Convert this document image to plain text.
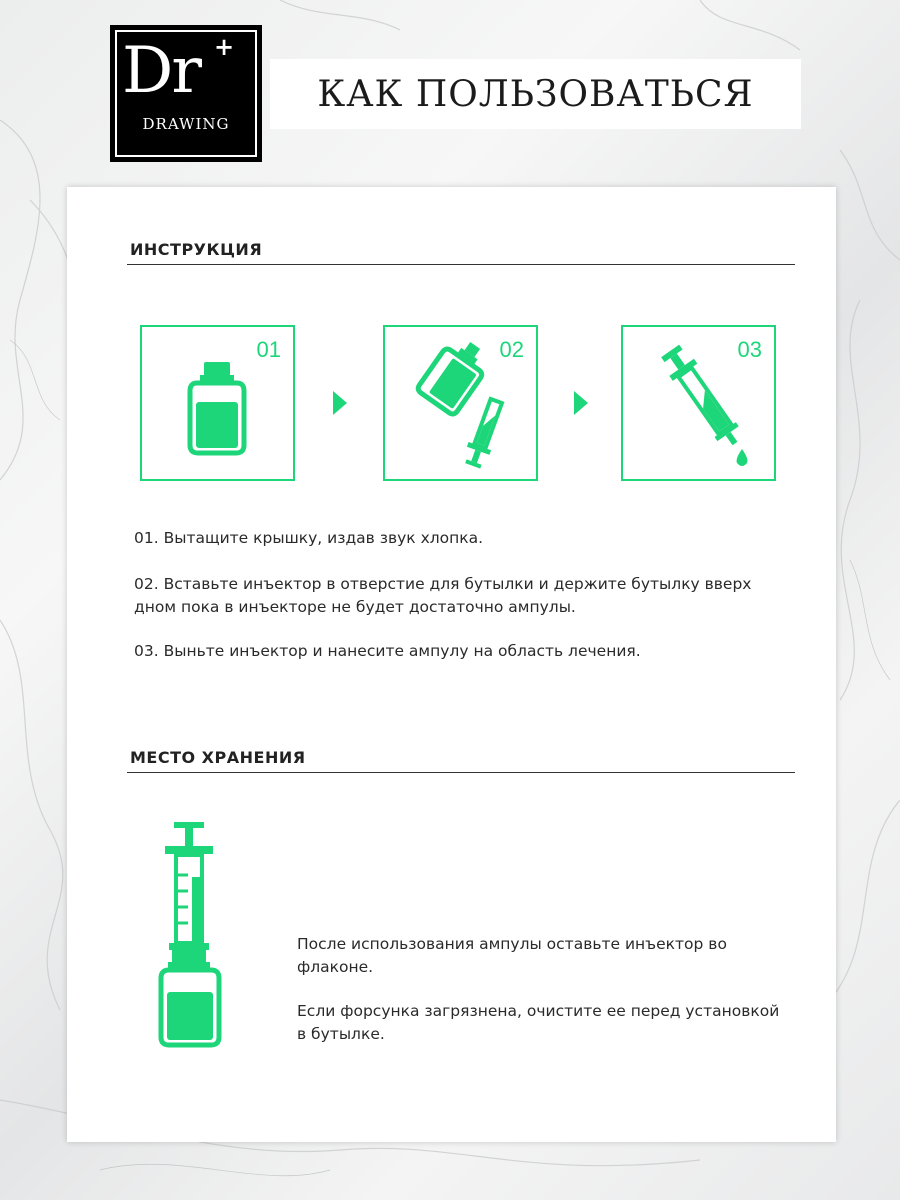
Dr +
DRAWING
КАК ПОЛЬЗОВАТЬСЯ
ИНСТРУКЦИЯ
01	02	03

01. Вытащите крышку, издав звук хлопка.

02. Вставьте инъектор в отверстие для бутылки и держите бутылку вверх дном пока в инъекторе не будет достаточно ампулы.

03. Выньте инъектор и нанесите ампулу на область лечения.

МЕСТО ХРАНЕНИЯ

После использования ампулы оставьте инъектор во флаконе.

Если форсунка загрязнена, очистите ее перед установкой в бутылке.
